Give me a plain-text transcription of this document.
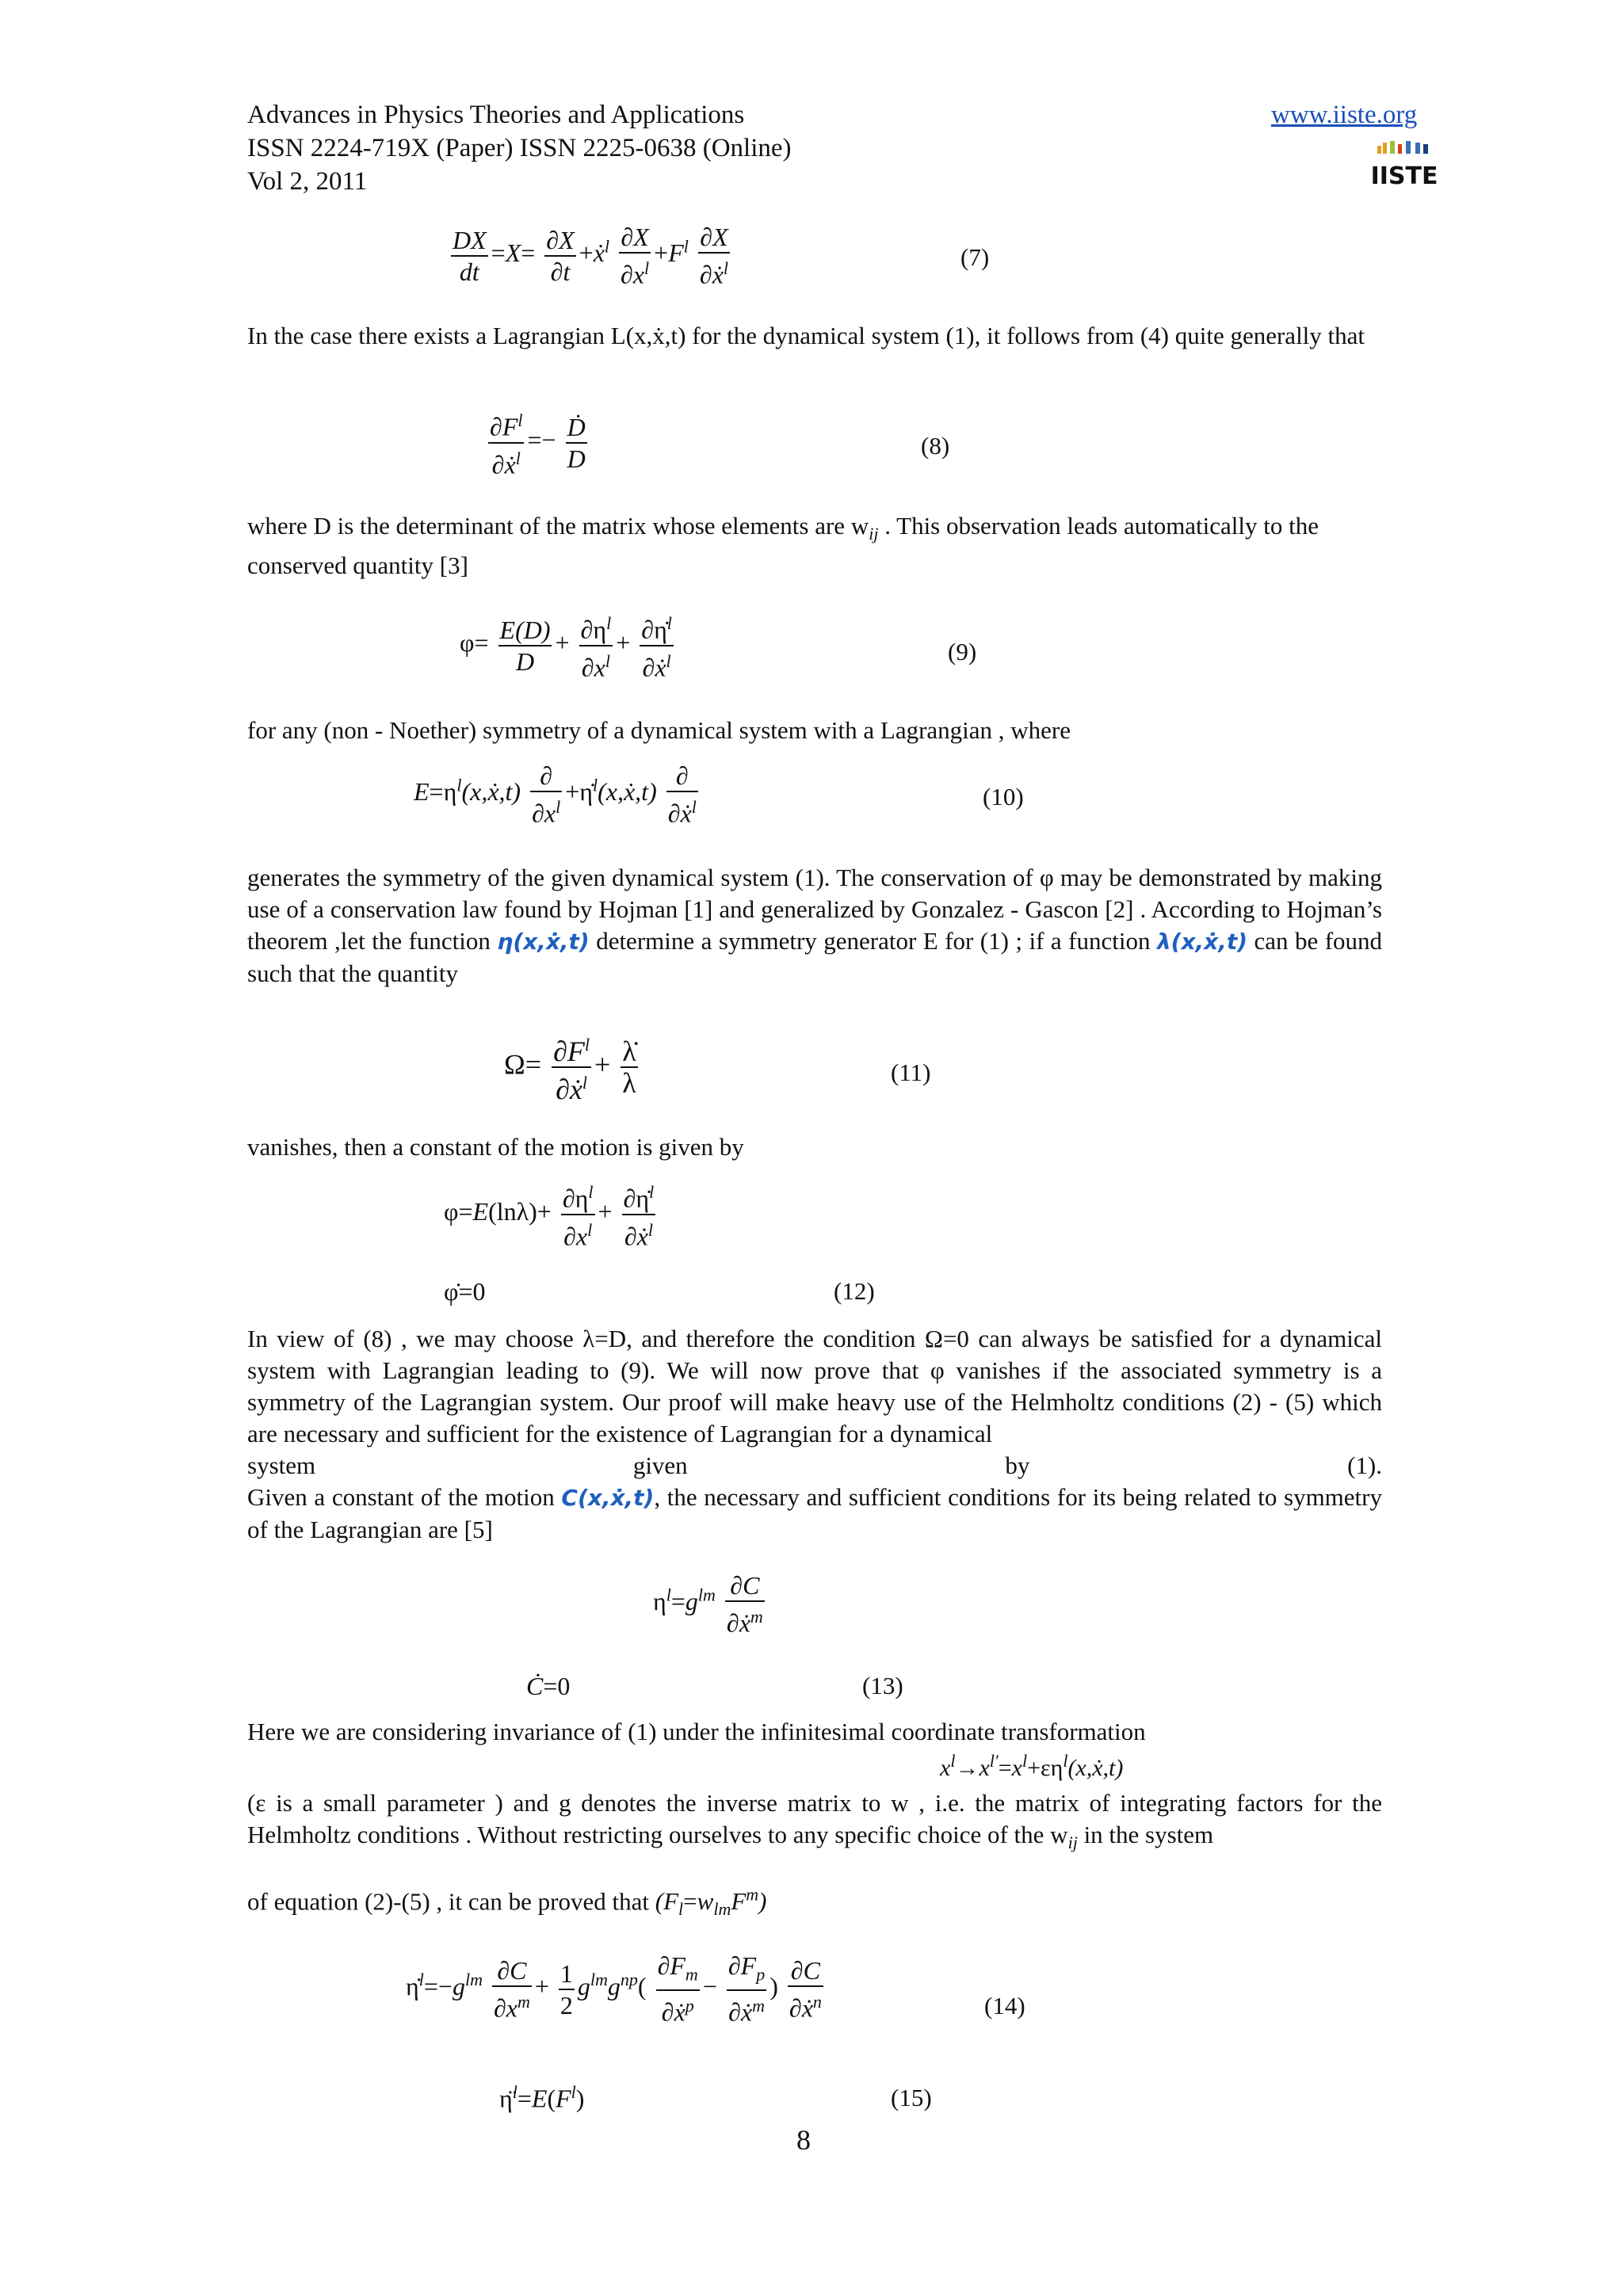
Advances in Physics Theories and Applications
ISSN 2224-719X (Paper) ISSN 2225-0638 (Online)
Vol 2, 2011
www.iiste.org
IISTE
$\frac{DX}{dt} =X= \frac{\partial X}{\partial t}$ +ẋ$^l$ $\frac{\partial X}{\partial x^l} +F^l \frac{\partial X}{\partial ẋ^l}$	(7)
In the case there exists a Lagrangian L(x,ẋ,t) for the dynamical system (1), it follows from (4) quite generally that
$\frac{\partial F^l}{\partial ẋ^l} =- \frac{\text{Ḋ}}{D}$	(8)
where D is the determinant of the matrix whose elements are $w_{ij}$ . This observation leads automatically to the conserved quantity [3]
$\varphi= \frac{E(D)}{D} + \frac{\partial\eta^l}{\partial x^l} + \frac{\partial\etȧ^l}{\partial ẋ^l}$	(9)
for any (non - Noether) symmetry of a dynamical system with a Lagrangian , where
$E=\eta^l(x,ẋ,t)$
∂
$\partial x^l$
+η̇$^l$(x,ẋ,t)
∂
∂ẋ$^l$	(10)
generates the symmetry of the given dynamical system (1). The conservation of φ may be demonstrated by making use of a conservation law found by Hojman [1] and generalized by Gonzalez - Gascon [2] . According to Hojman’s theorem ,let the function η(x,ẋ,t) determine a symmetry generator E for (1) ; if a function λ(x,ẋ,t) can be found such that the quantity
$\Omega= \frac{\partial F^l}{\partial ẋ^l} + \frac{\lambdȧ}{\lambda}$	(11)
vanishes, then a constant of the motion is given by
$\varphi=E(\ln\lambda)+ \frac{\partial\eta^l}{\partial x^l} + \frac{\partial\etȧ^l}{\partial ẋ^l}$
φ̇=0	(12)
In view of (8) , we may choose λ=D, and therefore the condition Ω=0 can always be satisfied for a dynamical system with Lagrangian leading to (9). We will now prove that φ vanishes if the associated symmetry is a symmetry of the Lagrangian system. Our proof will make heavy use of the Helmholtz conditions (2) - (5) which are necessary and sufficient for the existence of Lagrangian for a dynamical
system	given	by	(1).
Given a constant of the motion C(x,ẋ,t), the necessary and sufficient conditions for its being related to symmetry of the Lagrangian are [5]
$\eta^l=g^{lm} \frac{\partial C}{\partial ẋ^m}$
Ċ=0	(13)
Here we are considering invariance of (1) under the infinitesimal coordinate transformation
$x^l\to x^{l'}=x^l+\varepsilon\eta^l(x,ẋ,t)$
(ε is a small parameter ) and g denotes the inverse matrix to w , i.e. the matrix of integrating factors for the Helmholtz conditions . Without restricting ourselves to any specific choice of the $w_{ij}$ in the system
of equation (2)-(5) , it can be proved that $(F_l=w_{lm}F^m)$
$\etȧ^l=-g^{lm} \frac{\partial C}{\partial x^m} + \frac{1}{2} g^{lm}g^{np}( \frac{\partial F_m}{\partial ẋ^p} - \frac{\partial F_p}{\partial ẋ^m}$ ) $\frac{\partial C}{\partial ẋ^n}$	(14)
$\etä^l=E(F^l)$	(15)
8
